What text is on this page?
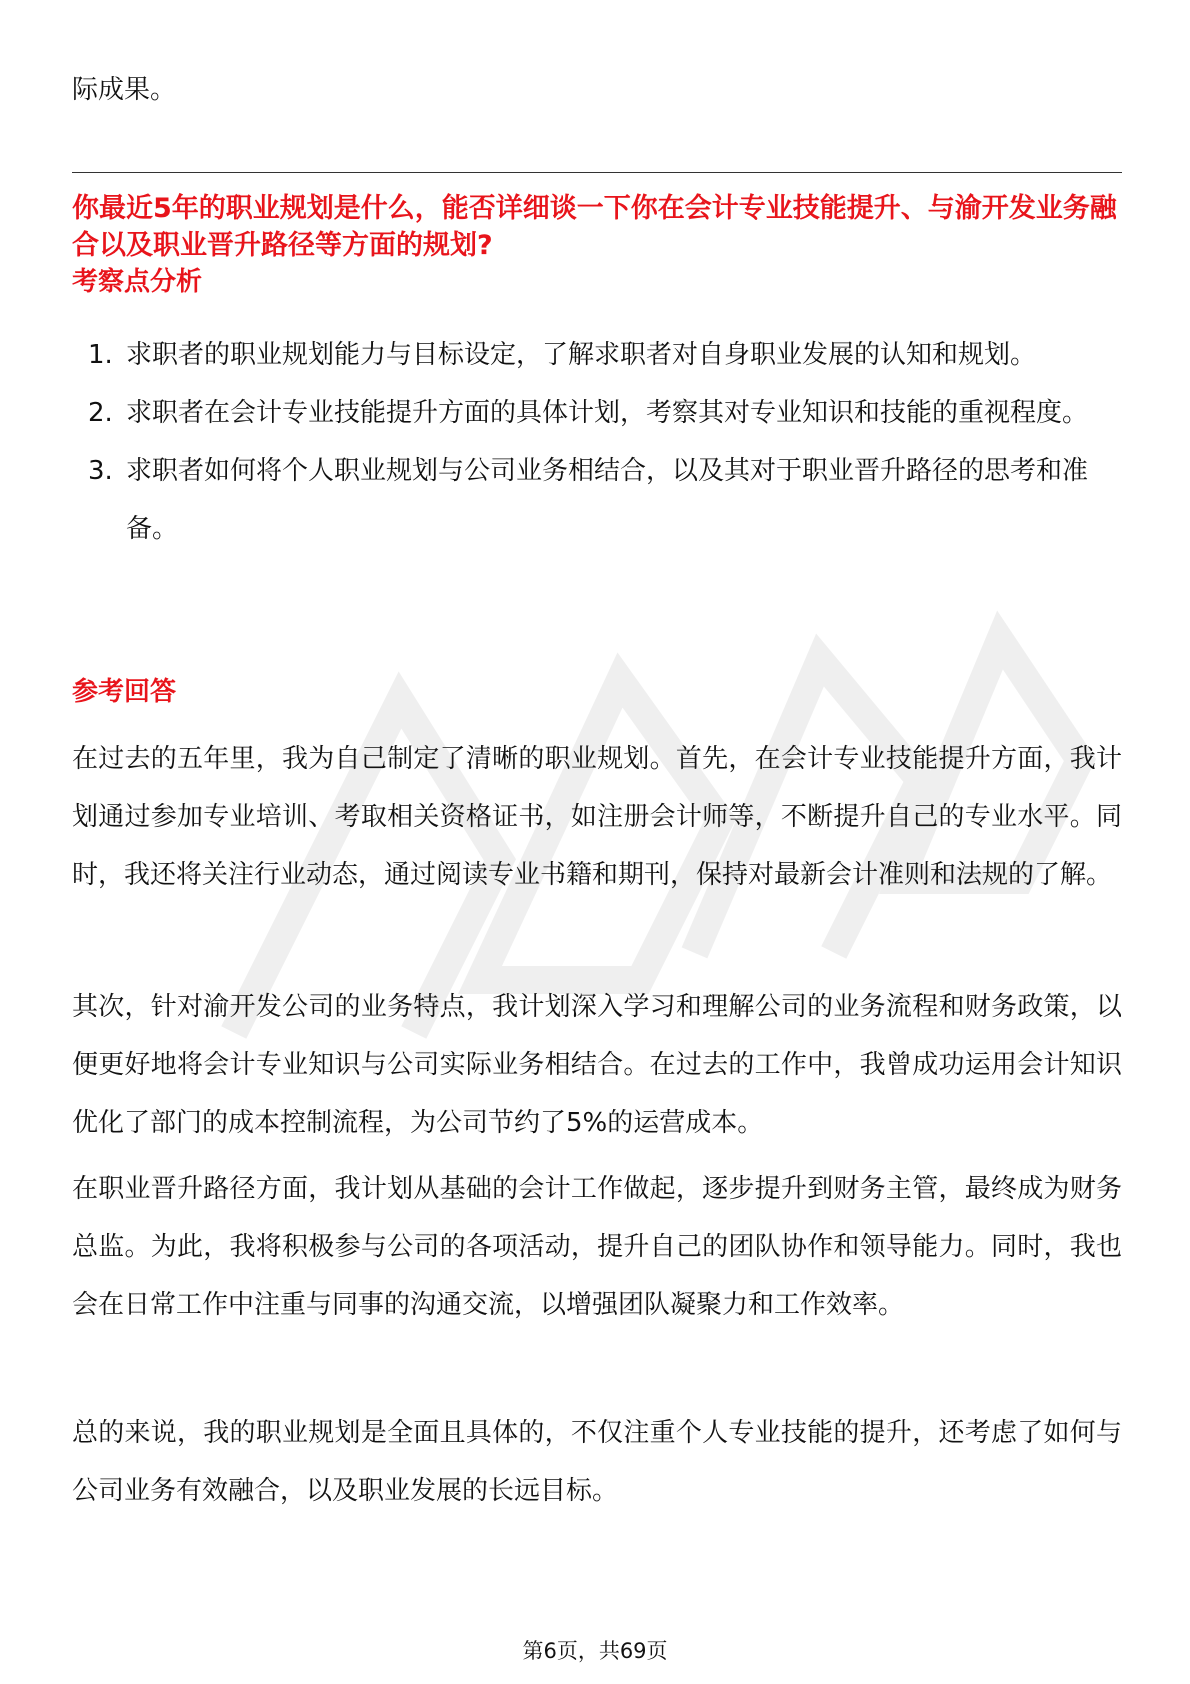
际成果。
你最近5年的职业规划是什么，能否详细谈一下你在会计专业技能提升、与渝开发业务融合以及职业晋升路径等方面的规划?
考察点分析
1. 求职者的职业规划能力与目标设定，了解求职者对自身职业发展的认知和规划。
2. 求职者在会计专业技能提升方面的具体计划，考察其对专业知识和技能的重视程度。
3. 求职者如何将个人职业规划与公司业务相结合，以及其对于职业晋升路径的思考和准备。
参考回答

在过去的五年里，我为自己制定了清晰的职业规划。首先，在会计专业技能提升方面，我计划通过参加专业培训、考取相关资格证书，如注册会计师等，不断提升自己的专业水平。同时，我还将关注行业动态，通过阅读专业书籍和期刊，保持对最新会计准则和法规的了解。

其次，针对渝开发公司的业务特点，我计划深入学习和理解公司的业务流程和财务政策，以便更好地将会计专业知识与公司实际业务相结合。在过去的工作中，我曾成功运用会计知识优化了部门的成本控制流程，为公司节约了5%的运营成本。

在职业晋升路径方面，我计划从基础的会计工作做起，逐步提升到财务主管，最终成为财务总监。为此，我将积极参与公司的各项活动，提升自己的团队协作和领导能力。同时，我也会在日常工作中注重与同事的沟通交流，以增强团队凝聚力和工作效率。

总的来说，我的职业规划是全面且具体的，不仅注重个人专业技能的提升，还考虑了如何与公司业务有效融合，以及职业发展的长远目标。

第6页，共69页
